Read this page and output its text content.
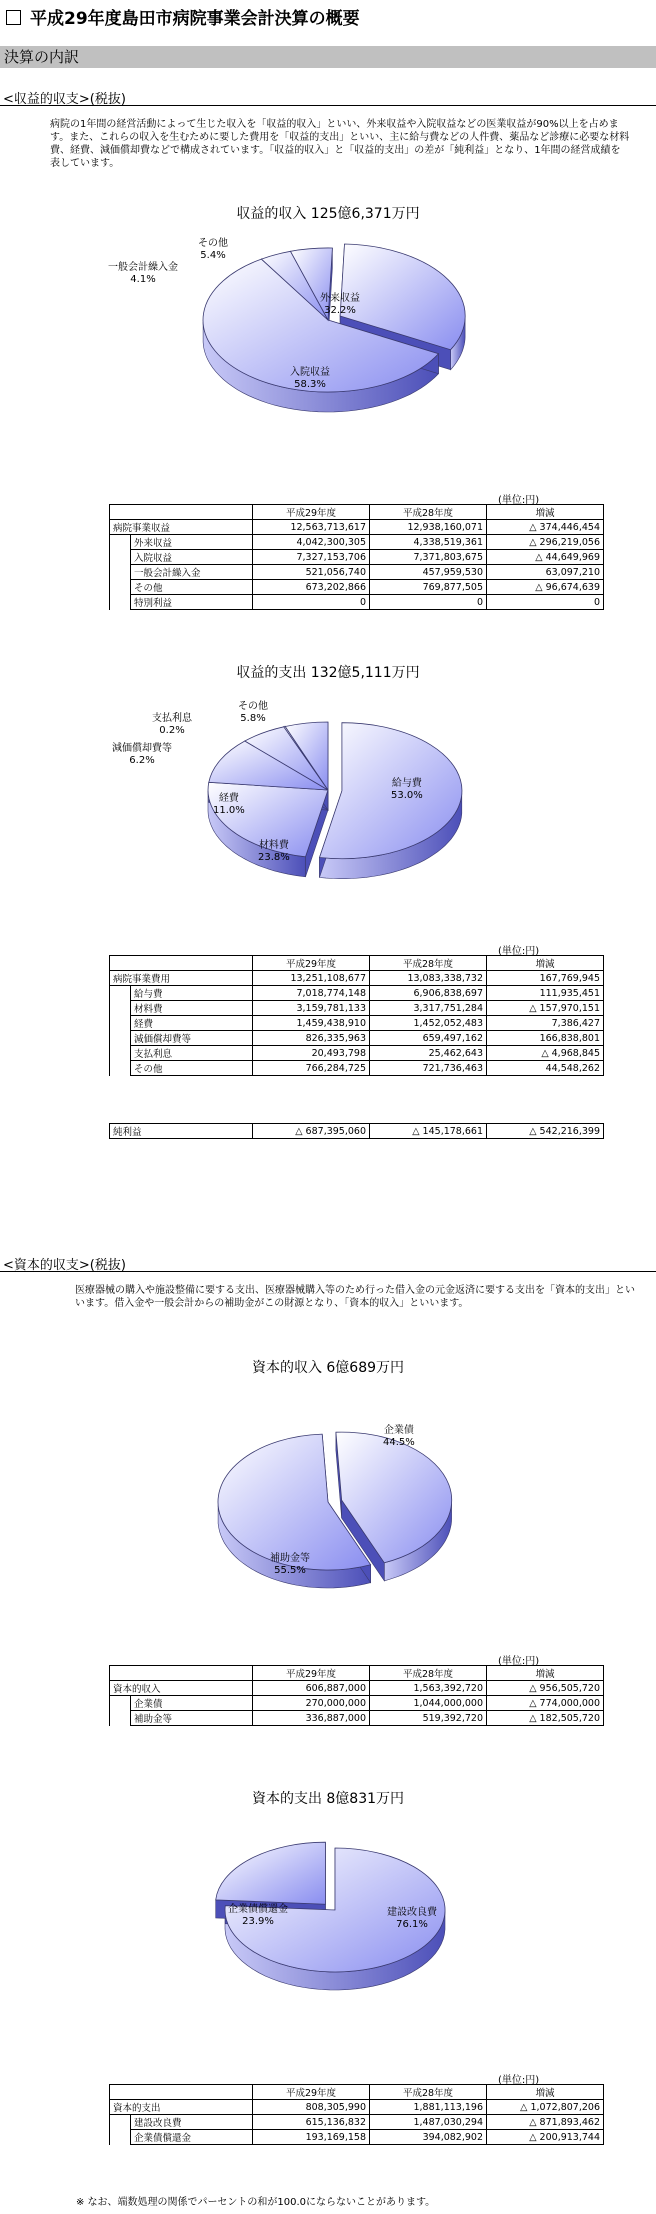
平成29年度島田市病院事業会計決算の概要
決算の内訳
<収益的収支>(税抜)
病院の1年間の経営活動によって生じた収入を「収益的収入」といい、外来収益や入院収益などの医業収益が90%以上を占めます。また、これらの収入を生むために要した費用を「収益的支出」といい、主に給与費などの人件費、薬品など診療に必要な材料費、経費、減価償却費などで構成されています。「収益的収入」と「収益的支出」の差が「純利益」となり、1年間の経営成績を表しています。
収益的収入 125億6,371万円
外来収益
32.2%
入院収益
58.3%
一般会計繰入金
4.1%
その他
5.4%
(単位:円)
		平成29年度	平成28年度	増減
病院事業収益		12,563,713,617	12,938,160,071	△ 374,446,454
	外来収益	4,042,300,305	4,338,519,361	△ 296,219,056
	入院収益	7,327,153,706	7,371,803,675	△ 44,649,969
	一般会計繰入金	521,056,740	457,959,530	63,097,210
	その他	673,202,866	769,877,505	△ 96,674,639
	特別利益	0	0	0
収益的支出 132億5,111万円
給与費
53.0%
材料費
23.8%
経費
11.0%
減価償却費等
6.2%
支払利息
0.2%
その他
5.8%
(単位:円)
		平成29年度	平成28年度	増減
病院事業費用		13,251,108,677	13,083,338,732	167,769,945
	給与費	7,018,774,148	6,906,838,697	111,935,451
	材料費	3,159,781,133	3,317,751,284	△ 157,970,151
	経費	1,459,438,910	1,452,052,483	7,386,427
	減価償却費等	826,335,963	659,497,162	166,838,801
	支払利息	20,493,798	25,462,643	△ 4,968,845
	その他	766,284,725	721,736,463	44,548,262
純利益	△ 687,395,060	△ 145,178,661	△ 542,216,399
<資本的収支>(税抜)
医療器械の購入や施設整備に要する支出、医療器械購入等のため行った借入金の元金返済に要する支出を「資本的支出」といいます。借入金や一般会計からの補助金がこの財源となり、「資本的収入」といいます。
資本的収入 6億689万円
企業債
44.5%
補助金等
55.5%
(単位:円)
		平成29年度	平成28年度	増減
資本的収入		606,887,000	1,563,392,720	△ 956,505,720
	企業債	270,000,000	1,044,000,000	△ 774,000,000
	補助金等	336,887,000	519,392,720	△ 182,505,720
資本的支出 8億831万円
建設改良費
76.1%
企業債償還金
23.9%
(単位:円)
		平成29年度	平成28年度	増減
資本的支出		808,305,990	1,881,113,196	△ 1,072,807,206
	建設改良費	615,136,832	1,487,030,294	△ 871,893,462
	企業債償還金	193,169,158	394,082,902	△ 200,913,744
※ なお、端数処理の関係でパーセントの和が100.0にならないことがあります。
